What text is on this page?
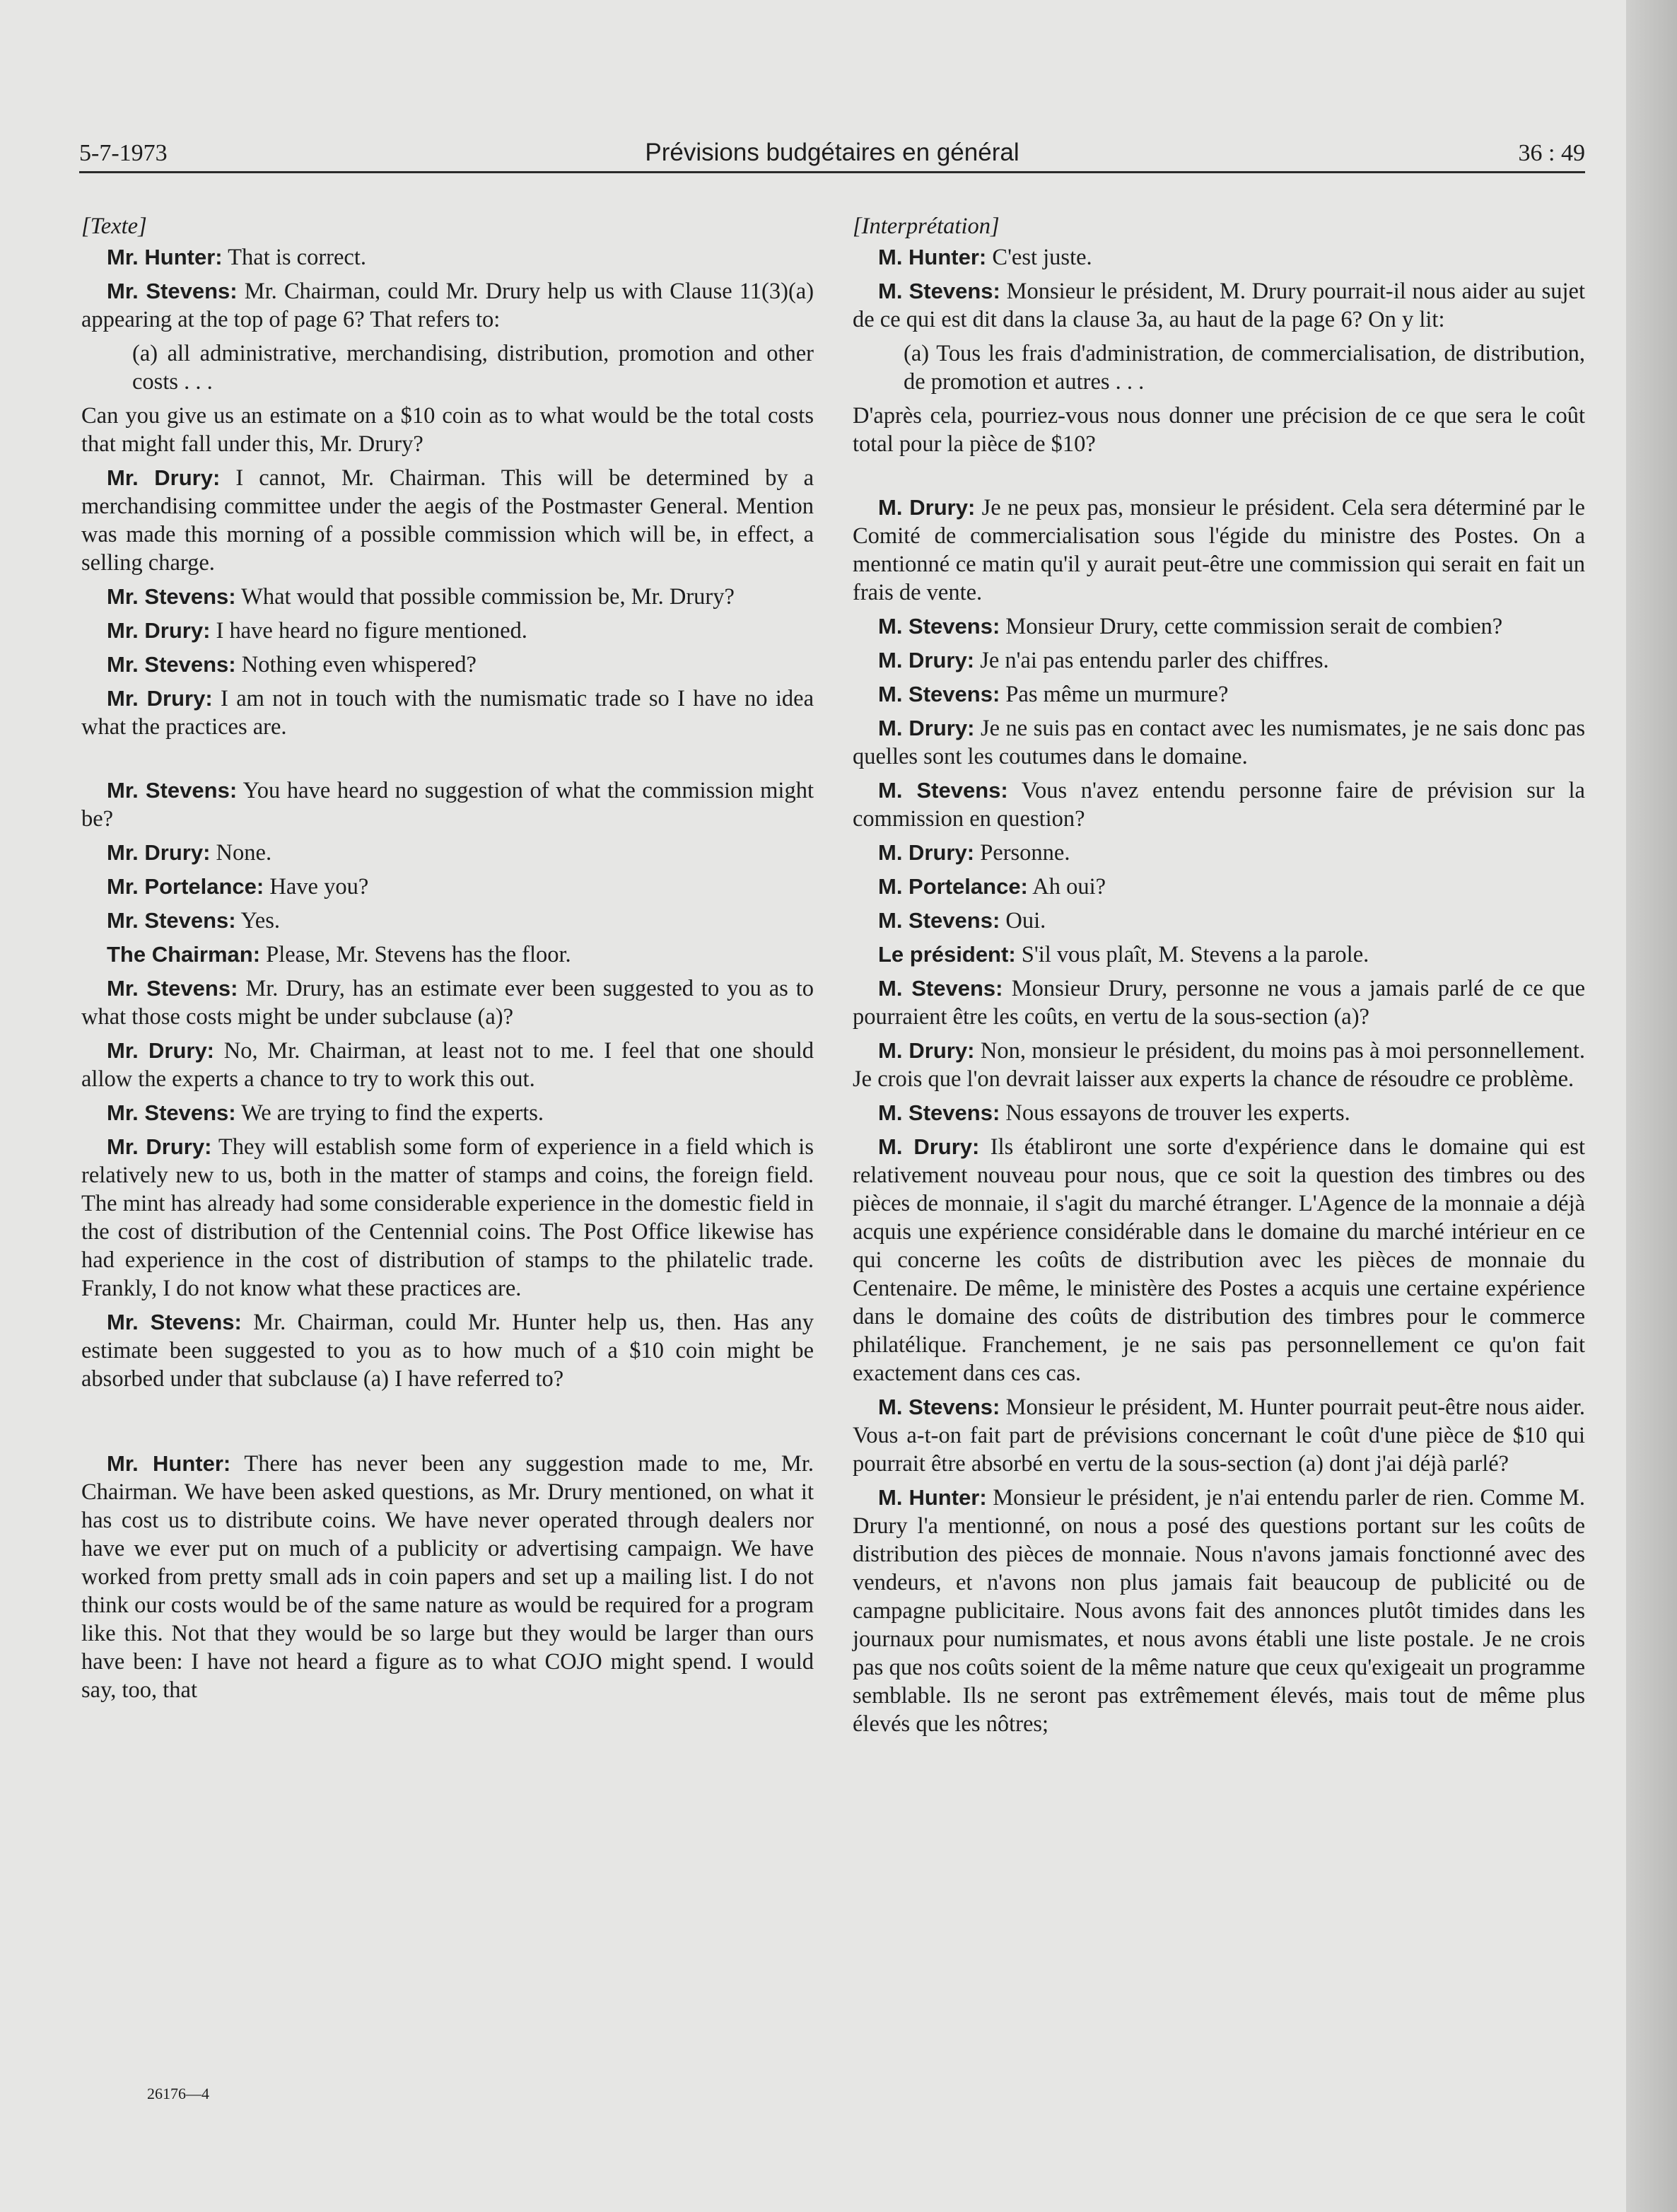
5-7-1973	Prévisions budgétaires en général	36 : 49
[Texte]

Mr. Hunter: That is correct.

Mr. Stevens: Mr. Chairman, could Mr. Drury help us with Clause 11(3)(a) appearing at the top of page 6? That refers to:

(a) all administrative, merchandising, distribution, promotion and other costs . . .

Can you give us an estimate on a $10 coin as to what would be the total costs that might fall under this, Mr. Drury?

Mr. Drury: I cannot, Mr. Chairman. This will be determined by a merchandising committee under the aegis of the Postmaster General. Mention was made this morning of a possible commission which will be, in effect, a selling charge.

Mr. Stevens: What would that possible commission be, Mr. Drury?

Mr. Drury: I have heard no figure mentioned.

Mr. Stevens: Nothing even whispered?

Mr. Drury: I am not in touch with the numismatic trade so I have no idea what the practices are.

Mr. Stevens: You have heard no suggestion of what the commission might be?

Mr. Drury: None.

Mr. Portelance: Have you?

Mr. Stevens: Yes.

The Chairman: Please, Mr. Stevens has the floor.

Mr. Stevens: Mr. Drury, has an estimate ever been suggested to you as to what those costs might be under subclause (a)?

Mr. Drury: No, Mr. Chairman, at least not to me. I feel that one should allow the experts a chance to try to work this out.

Mr. Stevens: We are trying to find the experts.

Mr. Drury: They will establish some form of experience in a field which is relatively new to us, both in the matter of stamps and coins, the foreign field. The mint has already had some considerable experience in the domestic field in the cost of distribution of the Centennial coins. The Post Office likewise has had experience in the cost of distribution of stamps to the philatelic trade. Frankly, I do not know what these practices are.

Mr. Stevens: Mr. Chairman, could Mr. Hunter help us, then. Has any estimate been suggested to you as to how much of a $10 coin might be absorbed under that subclause (a) I have referred to?

Mr. Hunter: There has never been any suggestion made to me, Mr. Chairman. We have been asked questions, as Mr. Drury mentioned, on what it has cost us to distribute coins. We have never operated through dealers nor have we ever put on much of a publicity or advertising campaign. We have worked from pretty small ads in coin papers and set up a mailing list. I do not think our costs would be of the same nature as would be required for a program like this. Not that they would be so large but they would be larger than ours have been: I have not heard a figure as to what COJO might spend. I would say, too, that

[Interprétation]

M. Hunter: C'est juste.

M. Stevens: Monsieur le président, M. Drury pourrait-il nous aider au sujet de ce qui est dit dans la clause 3a, au haut de la page 6? On y lit:

(a) Tous les frais d'administration, de commercialisation, de distribution, de promotion et autres . . .

D'après cela, pourriez-vous nous donner une précision de ce que sera le coût total pour la pièce de $10?

M. Drury: Je ne peux pas, monsieur le président. Cela sera déterminé par le Comité de commercialisation sous l'égide du ministre des Postes. On a mentionné ce matin qu'il y aurait peut-être une commission qui serait en fait un frais de vente.

M. Stevens: Monsieur Drury, cette commission serait de combien?

M. Drury: Je n'ai pas entendu parler des chiffres.

M. Stevens: Pas même un murmure?

M. Drury: Je ne suis pas en contact avec les numismates, je ne sais donc pas quelles sont les coutumes dans le domaine.

M. Stevens: Vous n'avez entendu personne faire de prévision sur la commission en question?

M. Drury: Personne.

M. Portelance: Ah oui?

M. Stevens: Oui.

Le président: S'il vous plaît, M. Stevens a la parole.

M. Stevens: Monsieur Drury, personne ne vous a jamais parlé de ce que pourraient être les coûts, en vertu de la sous-section (a)?

M. Drury: Non, monsieur le président, du moins pas à moi personnellement. Je crois que l'on devrait laisser aux experts la chance de résoudre ce problème.

M. Stevens: Nous essayons de trouver les experts.

M. Drury: Ils établiront une sorte d'expérience dans le domaine qui est relativement nouveau pour nous, que ce soit la question des timbres ou des pièces de monnaie, il s'agit du marché étranger. L'Agence de la monnaie a déjà acquis une expérience considérable dans le domaine du marché intérieur en ce qui concerne les coûts de distribution avec les pièces de monnaie du Centenaire. De même, le ministère des Postes a acquis une certaine expérience dans le domaine des coûts de distribution des timbres pour le commerce philatélique. Franchement, je ne sais pas personnellement ce qu'on fait exactement dans ces cas.

M. Stevens: Monsieur le président, M. Hunter pourrait peut-être nous aider. Vous a-t-on fait part de prévisions concernant le coût d'une pièce de $10 qui pourrait être absorbé en vertu de la sous-section (a) dont j'ai déjà parlé?

M. Hunter: Monsieur le président, je n'ai entendu parler de rien. Comme M. Drury l'a mentionné, on nous a posé des questions portant sur les coûts de distribution des pièces de monnaie. Nous n'avons jamais fonctionné avec des vendeurs, et n'avons non plus jamais fait beaucoup de publicité ou de campagne publicitaire. Nous avons fait des annonces plutôt timides dans les journaux pour numismates, et nous avons établi une liste postale. Je ne crois pas que nos coûts soient de la même nature que ceux qu'exigeait un programme semblable. Ils ne seront pas extrêmement élevés, mais tout de même plus élevés que les nôtres;

26176—4
